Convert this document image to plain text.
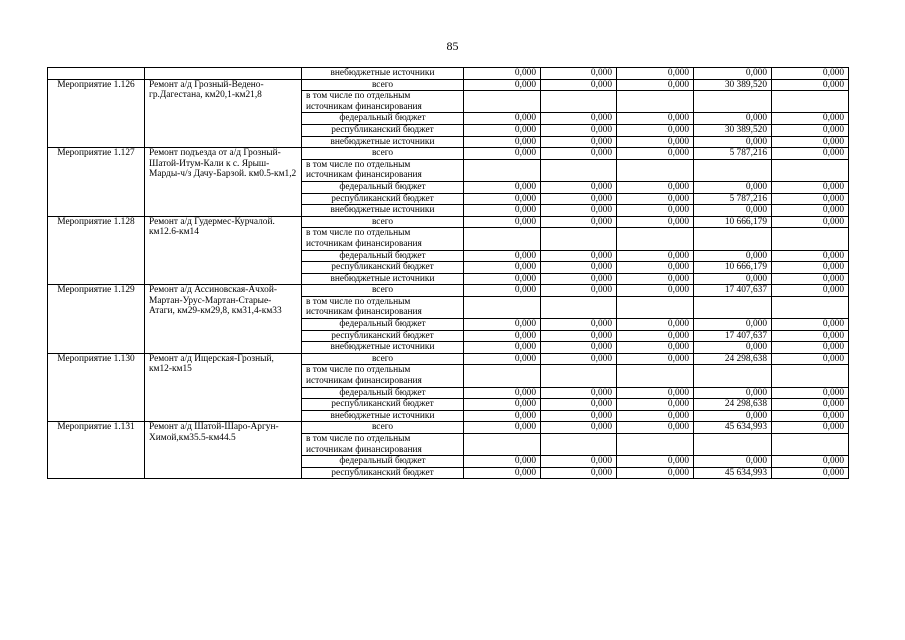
85
		внебюджетные источники	0,000	0,000	0,000	0,000	0,000
Мероприятие 1.126	Ремонт а/д Грозный-Ведено-гр.Дагестана, км20,1-км21,8	всего	0,000	0,000	0,000	30 389,520	0,000
		в том числе по отдельным источникам финансирования					
		федеральный бюджет	0,000	0,000	0,000	0,000	0,000
		республиканский бюджет	0,000	0,000	0,000	30 389,520	0,000
		внебюджетные источники	0,000	0,000	0,000	0,000	0,000
Мероприятие 1.127	Ремонт подъезда от а/д Грозный-Шатой-Итум-Кали к с. Ярыш-Марды-ч/з Дачу-Барзой. км0.5-км1,2	всего	0,000	0,000	0,000	5 787,216	0,000
		в том числе по отдельным источникам финансирования					
		федеральный бюджет	0,000	0,000	0,000	0,000	0,000
		республиканский бюджет	0,000	0,000	0,000	5 787,216	0,000
		внебюджетные источники	0,000	0,000	0,000	0,000	0,000
Мероприятие 1.128	Ремонт а/д Гудермес-Курчалой. км12.6-км14	всего	0,000	0,000	0,000	10 666,179	0,000
		в том числе по отдельным источникам финансирования					
		федеральный бюджет	0,000	0,000	0,000	0,000	0,000
		республиканский бюджет	0,000	0,000	0,000	10 666,179	0,000
		внебюджетные источники	0,000	0,000	0,000	0,000	0,000
Мероприятие 1.129	Ремонт а/д Ассиновская-Ачхой-Мартан-Урус-Мартан-Старые-Атаги, км29-км29,8, км31,4-км33	всего	0,000	0,000	0,000	17 407,637	0,000
		в том числе по отдельным источникам финансирования					
		федеральный бюджет	0,000	0,000	0,000	0,000	0,000
		республиканский бюджет	0,000	0,000	0,000	17 407,637	0,000
		внебюджетные источники	0,000	0,000	0,000	0,000	0,000
Мероприятие 1.130	Ремонт а/д Ищерская-Грозный, км12-км15	всего	0,000	0,000	0,000	24 298,638	0,000
		в том числе по отдельным источникам финансирования					
		федеральный бюджет	0,000	0,000	0,000	0,000	0,000
		республиканский бюджет	0,000	0,000	0,000	24 298,638	0,000
		внебюджетные источники	0,000	0,000	0,000	0,000	0,000
Мероприятие 1.131	Ремонт а/д Шатой-Шаро-Аргун-Химой,км35.5-км44.5	всего	0,000	0,000	0,000	45 634,993	0,000
		в том числе по отдельным источникам финансирования					
		федеральный бюджет	0,000	0,000	0,000	0,000	0,000
		республиканский бюджет	0,000	0,000	0,000	45 634,993	0,000
